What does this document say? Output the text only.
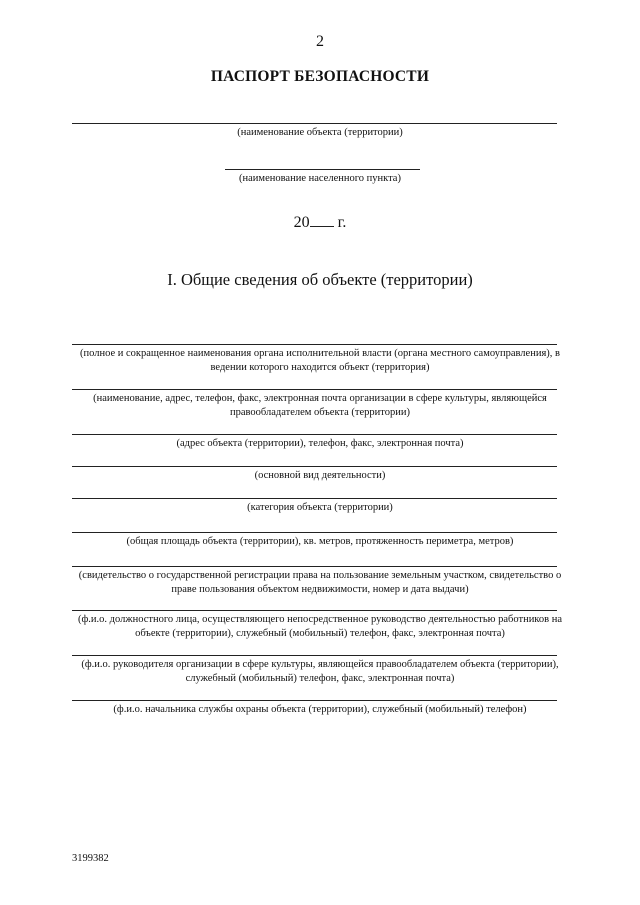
2
ПАСПОРТ БЕЗОПАСНОСТИ
(наименование объекта (территории)
(наименование населенного пункта)
20 г.
I. Общие сведения об объекте (территории)
(полное и сокращенное наименования органа исполнительной власти (органа местного самоуправления), в ведении которого находится объект (территория)
(наименование, адрес, телефон, факс, электронная почта организации в сфере культуры, являющейся правообладателем объекта (территории)
(адрес объекта (территории), телефон, факс, электронная почта)
(основной вид деятельности)
(категория объекта (территории)
(общая площадь объекта (территории), кв. метров, протяженность периметра, метров)
(свидетельство о государственной регистрации права на пользование земельным участком, свидетельство о праве пользования объектом недвижимости, номер и дата выдачи)
(ф.и.о. должностного лица, осуществляющего непосредственное руководство деятельностью работников на объекте (территории), служебный (мобильный) телефон, факс, электронная почта)
(ф.и.о. руководителя организации в сфере культуры, являющейся правообладателем объекта (территории), служебный (мобильный) телефон, факс, электронная почта)
(ф.и.о. начальника службы охраны объекта (территории), служебный (мобильный) телефон)
3199382
